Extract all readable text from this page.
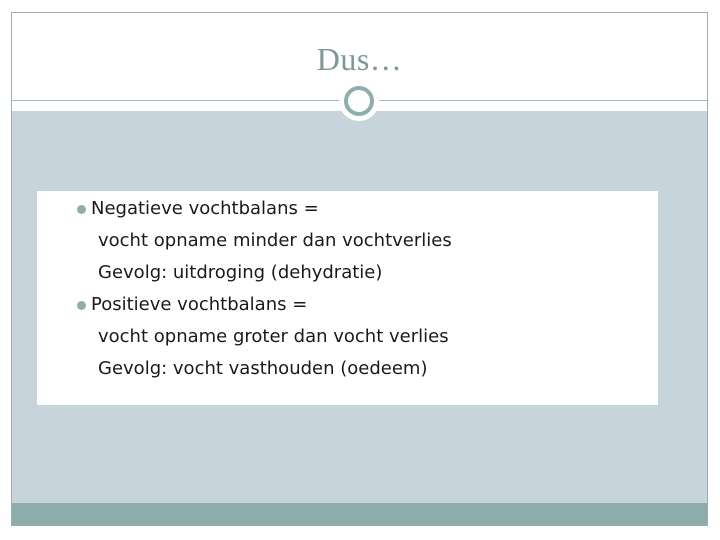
Dus…
Negatieve vochtbalans =
vocht opname minder dan vochtverlies
Gevolg: uitdroging (dehydratie)
Positieve vochtbalans =
vocht opname groter dan vocht verlies
Gevolg: vocht vasthouden (oedeem)
